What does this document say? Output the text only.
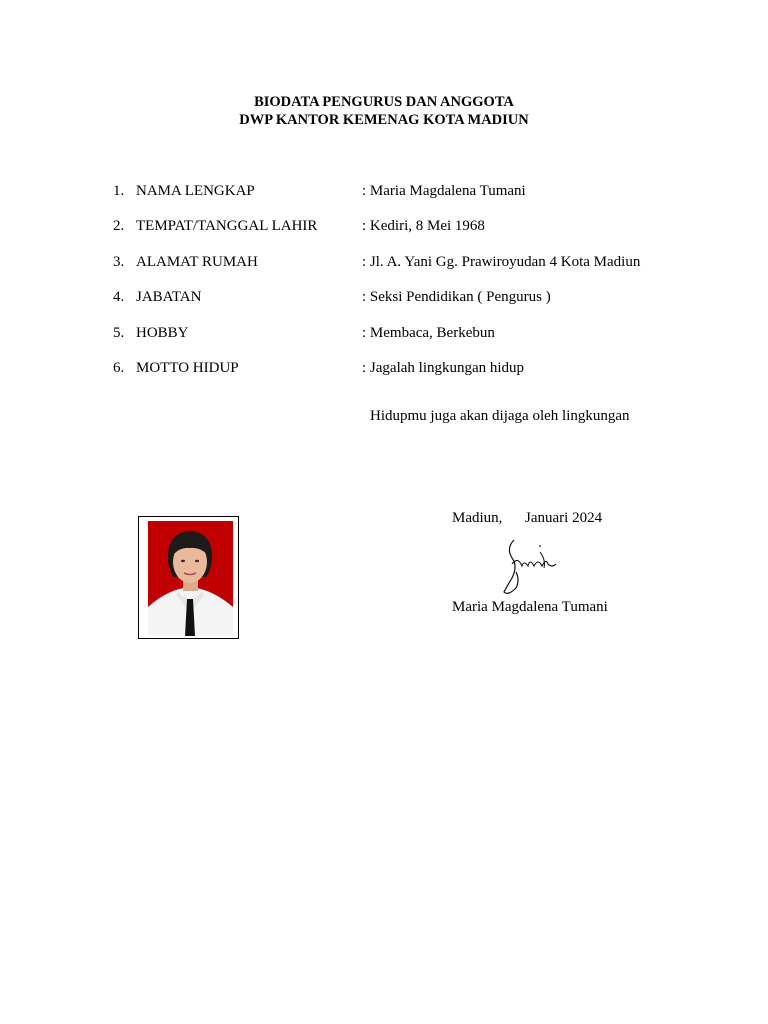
BIODATA PENGURUS DAN ANGGOTA
DWP KANTOR KEMENAG KOTA MADIUN
1. NAMA LENGKAP	: Maria Magdalena Tumani
2. TEMPAT/TANGGAL LAHIR	: Kediri, 8 Mei 1968
3. ALAMAT RUMAH	: Jl. A. Yani Gg. Prawiroyudan 4 Kota Madiun
4. JABATAN	: Seksi Pendidikan ( Pengurus )
5. HOBBY	: Membaca, Berkebun
6. MOTTO HIDUP	: Jagalah lingkungan hidup
Hidupmu juga akan dijaga oleh lingkungan
Madiun, Januari 2024
Maria Magdalena Tumani
